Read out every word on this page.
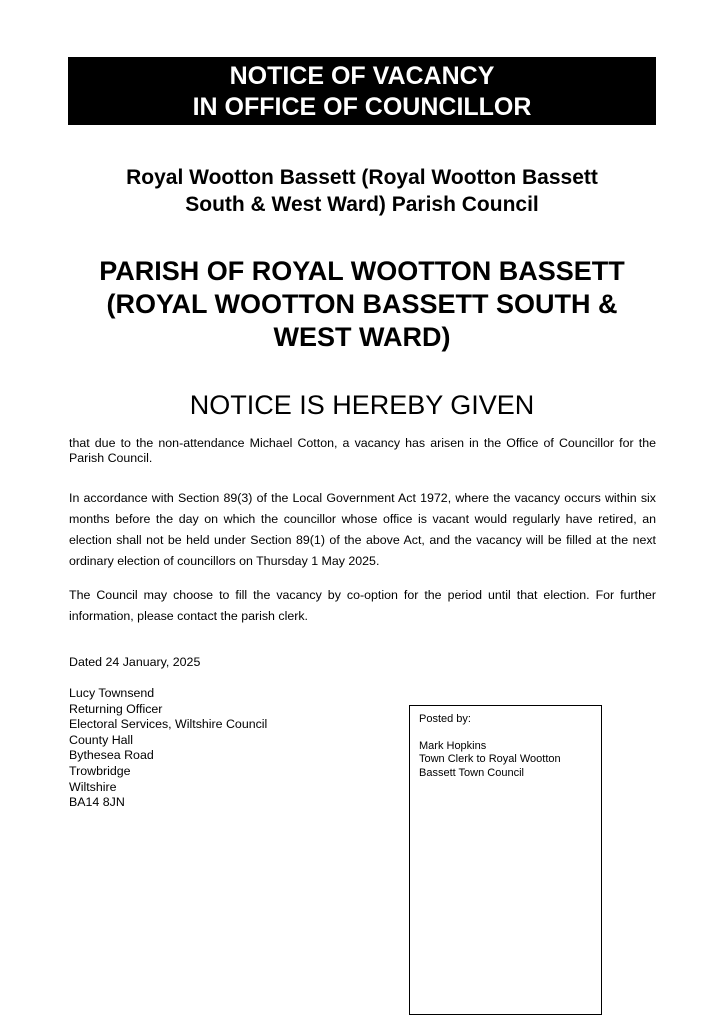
NOTICE OF VACANCY
IN OFFICE OF COUNCILLOR
Royal Wootton Bassett (Royal Wootton Bassett
South & West Ward) Parish Council
PARISH OF ROYAL WOOTTON BASSETT
(ROYAL WOOTTON BASSETT SOUTH &
WEST WARD)
NOTICE IS HEREBY GIVEN

that due to the non-attendance Michael Cotton, a vacancy has arisen in the Office of Councillor for the Parish Council.

In accordance with Section 89(3) of the Local Government Act 1972, where the vacancy occurs within six months before the day on which the councillor whose office is vacant would regularly have retired, an election shall not be held under Section 89(1) of the above Act, and the vacancy will be filled at the next ordinary election of councillors on Thursday 1 May 2025.

The Council may choose to fill the vacancy by co-option for the period until that election. For further information, please contact the parish clerk.

Dated 24 January, 2025
Lucy Townsend
Returning Officer
Electoral Services, Wiltshire Council
County Hall
Bythesea Road
Trowbridge
Wiltshire
BA14 8JN
Posted by:
Mark Hopkins
Town Clerk to Royal Wootton
Bassett Town Council
